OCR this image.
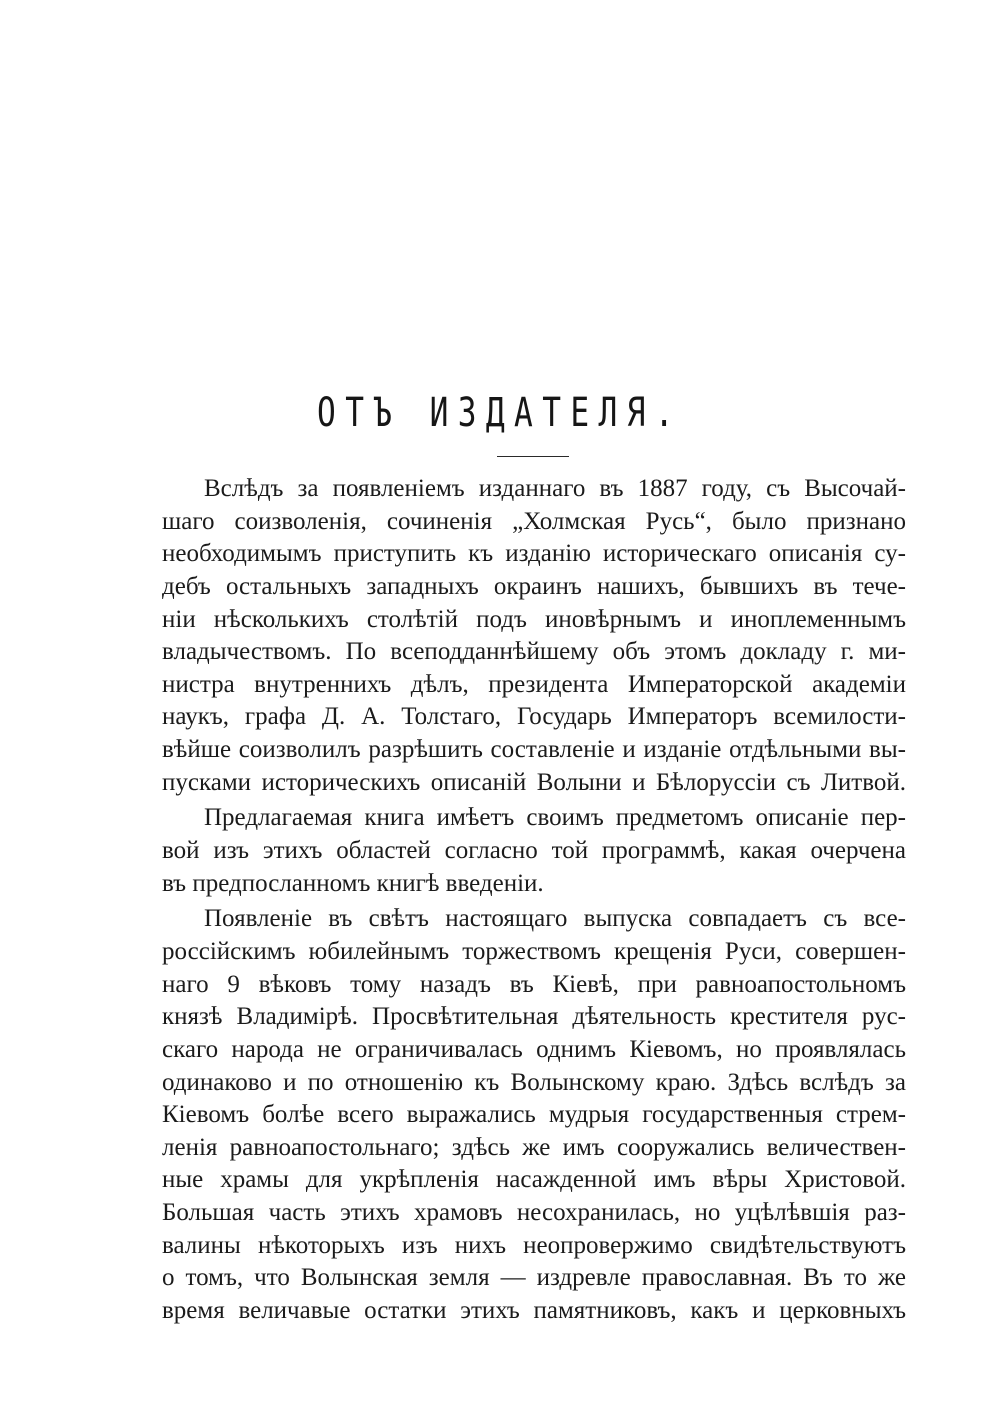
ОТЪ ИЗДАТЕЛЯ.
Вслѣдъ за появленіемъ изданнаго въ 1887 году, съ Высочай-
шаго соизволенія, сочиненія „Холмская Русь“, было признано
необходимымъ приступить къ изданію историческаго описанія су-
дебъ остальныхъ западныхъ окраинъ нашихъ, бывшихъ въ тече-
ніи нѣсколькихъ столѣтій подъ иновѣрнымъ и иноплеменнымъ
владычествомъ. По всеподданнѣйшему объ этомъ докладу г. ми-
нистра внутреннихъ дѣлъ, президента Императорской академіи
наукъ, графа Д. А. Толстаго, Государь Императоръ всемилости-
вѣйше соизволилъ разрѣшить составленіе и изданіе отдѣльными вы-
пусками историческихъ описаній Волыни и Бѣлоруссіи съ Литвой.
Предлагаемая книга имѣетъ своимъ предметомъ описаніе пер-
вой изъ этихъ областей согласно той программѣ, какая очерчена
въ предпосланномъ книгѣ введеніи.
Появленіе въ свѣтъ настоящаго выпуска совпадаетъ съ все-
россійскимъ юбилейнымъ торжествомъ крещенія Руси, совершен-
наго 9 вѣковъ тому назадъ въ Кіевѣ, при равноапостольномъ
князѣ Владимірѣ. Просвѣтительная дѣятельность крестителя рус-
скаго народа не ограничивалась однимъ Кіевомъ, но проявлялась
одинаково и по отношенію къ Волынскому краю. Здѣсь вслѣдъ за
Кіевомъ болѣе всего выражались мудрыя государственныя стрем-
ленія равноапостольнаго; здѣсь же имъ сооружались величествен-
ные храмы для укрѣпленія насажденной имъ вѣры Христовой.
Большая часть этихъ храмовъ несохранилась, но уцѣлѣвшія раз-
валины нѣкоторыхъ изъ нихъ неопровержимо свидѣтельствуютъ
о томъ, что Волынская земля — издревле православная. Въ то же
время величавые остатки этихъ памятниковъ, какъ и церковныхъ
